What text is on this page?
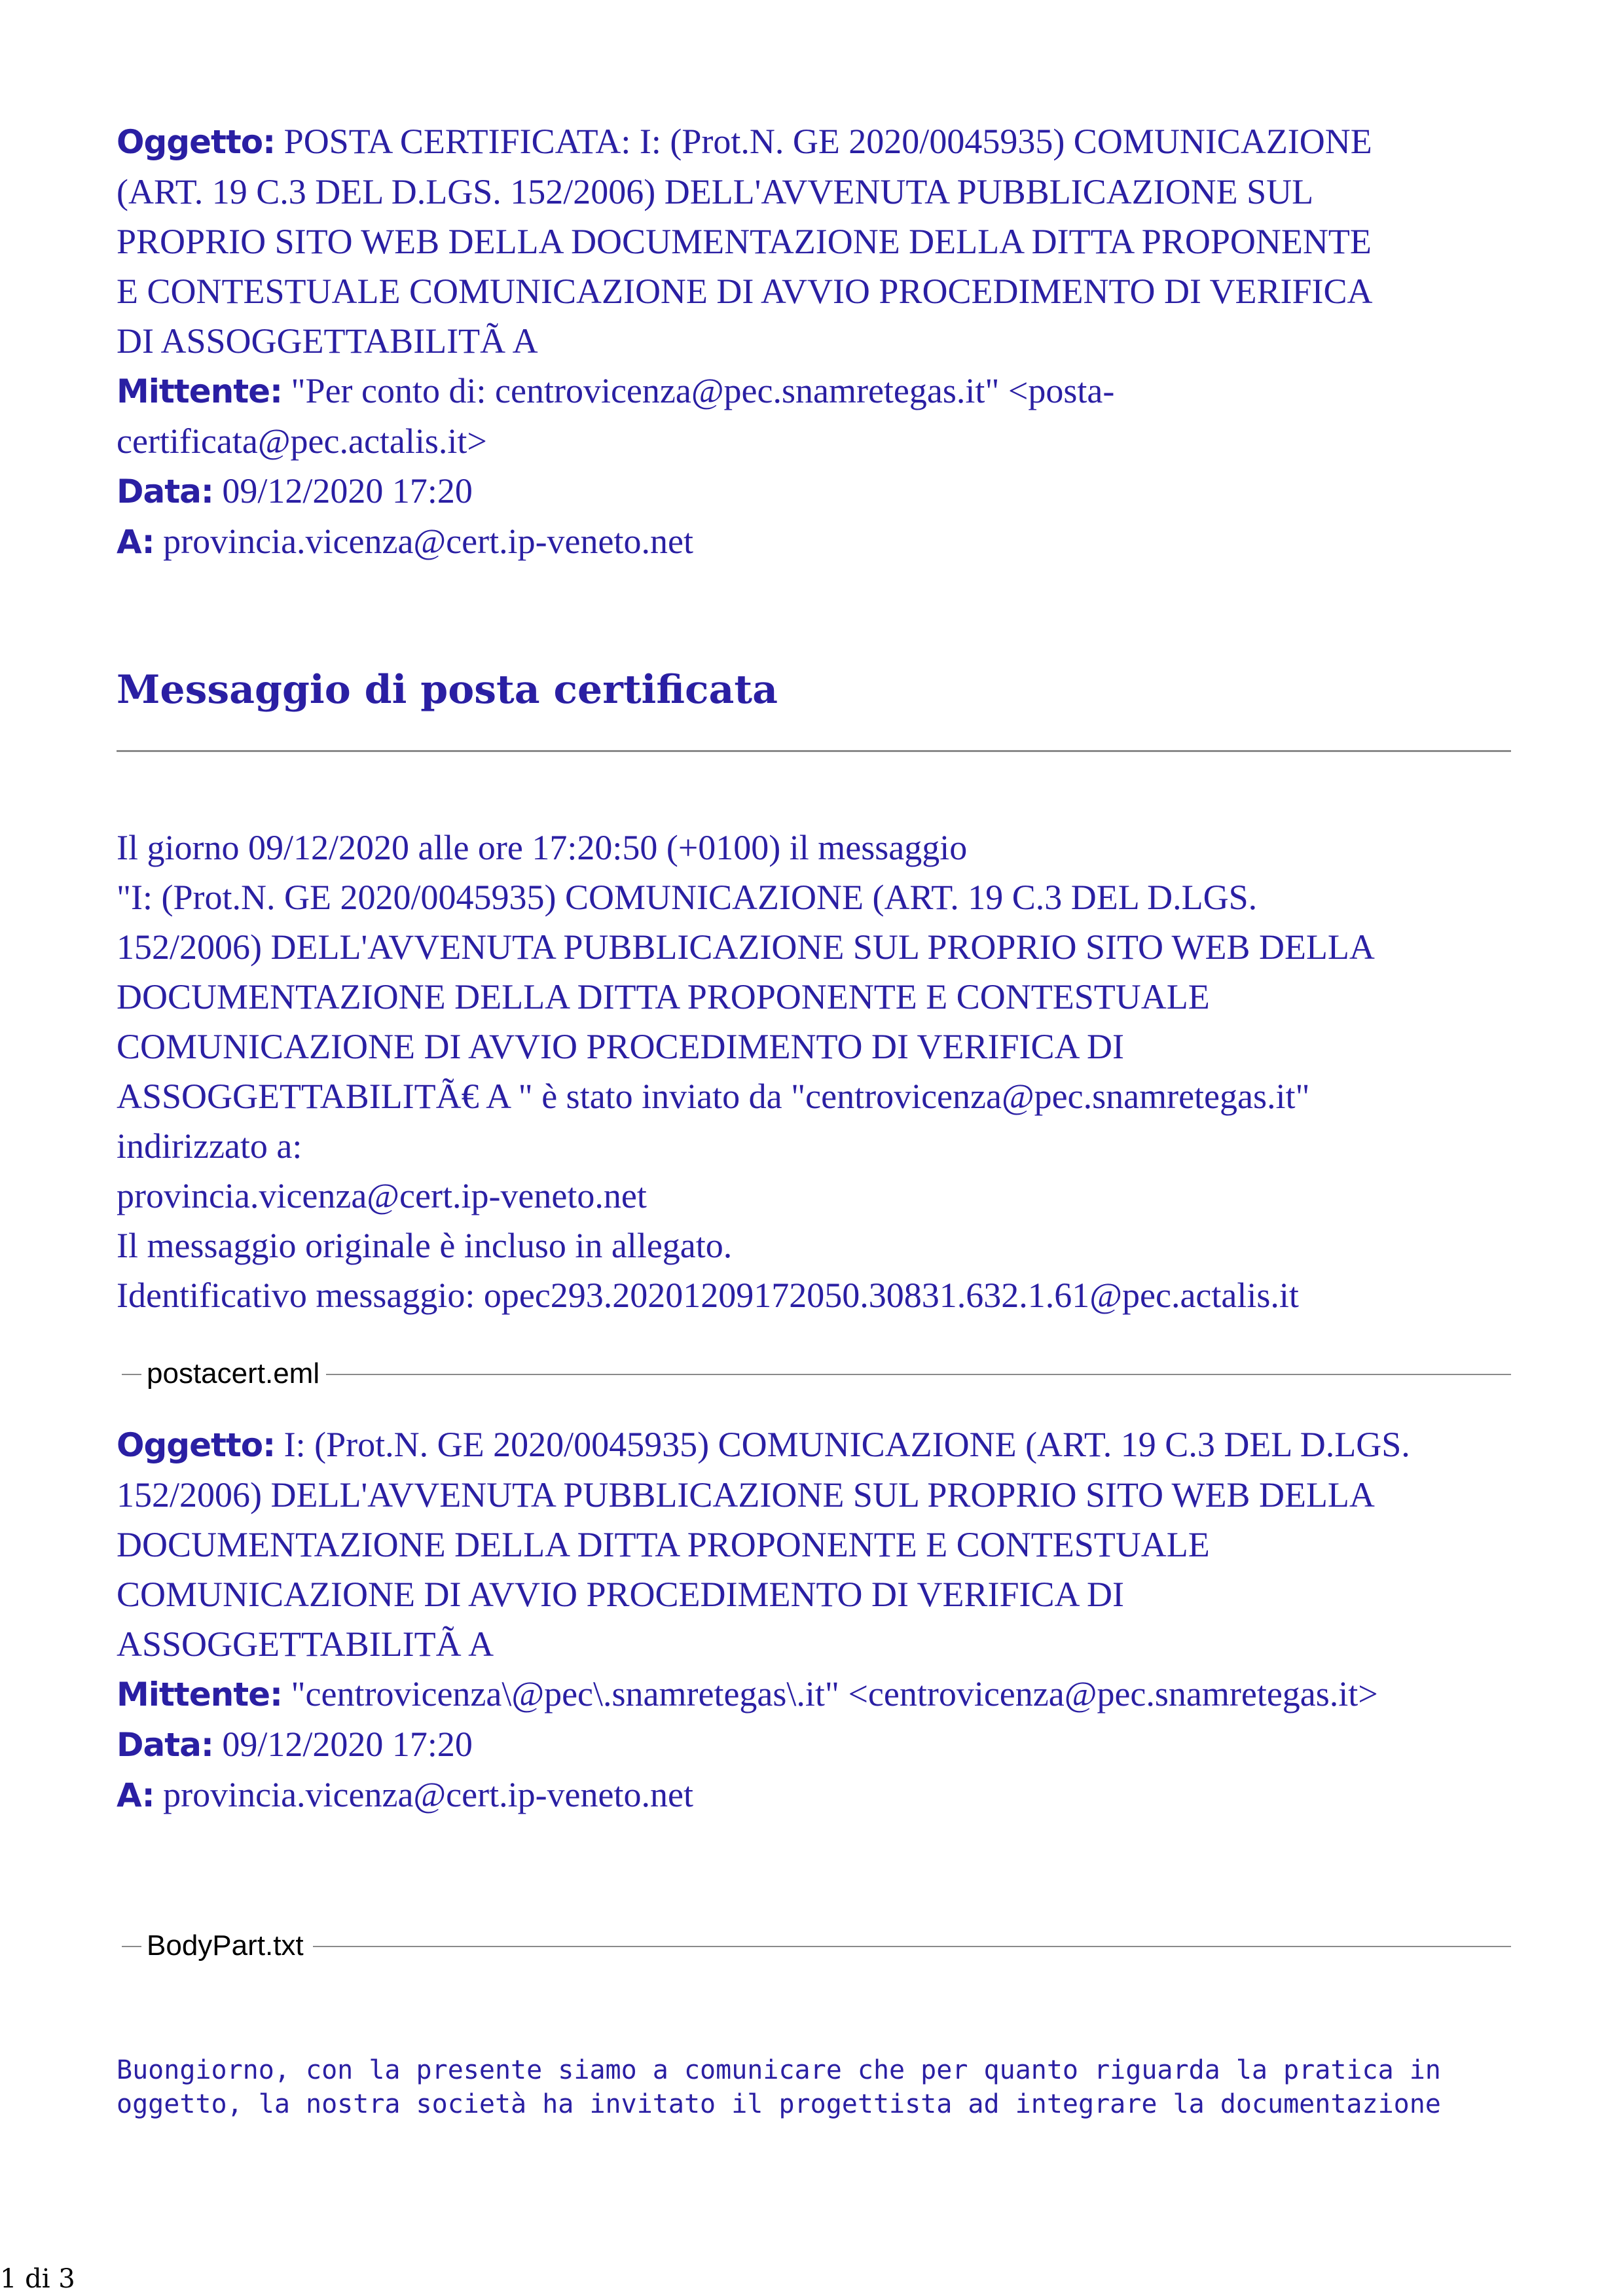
Oggetto: POSTA CERTIFICATA: I: (Prot.N. GE 2020/0045935) COMUNICAZIONE

(ART. 19 C.3 DEL D.LGS. 152/2006) DELL'AVVENUTA PUBBLICAZIONE SUL

PROPRIO SITO WEB DELLA DOCUMENTAZIONE DELLA DITTA PROPONENTE

E CONTESTUALE COMUNICAZIONE DI AVVIO PROCEDIMENTO DI VERIFICA

DI ASSOGGETTABILITÃ A

Mittente: "Per conto di: centrovicenza@pec.snamretegas.it" <posta-

certificata@pec.actalis.it>

Data: 09/12/2020 17:20

A: provincia.vicenza@cert.ip-veneto.net

Messaggio di posta certificata

Il giorno 09/12/2020 alle ore 17:20:50 (+0100) il messaggio

"I: (Prot.N. GE 2020/0045935) COMUNICAZIONE (ART. 19 C.3 DEL D.LGS.

152/2006) DELL'AVVENUTA PUBBLICAZIONE SUL PROPRIO SITO WEB DELLA

DOCUMENTAZIONE DELLA DITTA PROPONENTE E CONTESTUALE

COMUNICAZIONE DI AVVIO PROCEDIMENTO DI VERIFICA DI

ASSOGGETTABILITÃ€ A " è stato inviato da "centrovicenza@pec.snamretegas.it"

indirizzato a:

provincia.vicenza@cert.ip-veneto.net

Il messaggio originale è incluso in allegato.

Identificativo messaggio: opec293.20201209172050.30831.632.1.61@pec.actalis.it

postacert.eml

Oggetto: I: (Prot.N. GE 2020/0045935) COMUNICAZIONE (ART. 19 C.3 DEL D.LGS.

152/2006) DELL'AVVENUTA PUBBLICAZIONE SUL PROPRIO SITO WEB DELLA

DOCUMENTAZIONE DELLA DITTA PROPONENTE E CONTESTUALE

COMUNICAZIONE DI AVVIO PROCEDIMENTO DI VERIFICA DI

ASSOGGETTABILITÃ A

Mittente: "centrovicenza\@pec\.snamretegas\.it" <centrovicenza@pec.snamretegas.it>

Data: 09/12/2020 17:20

A: provincia.vicenza@cert.ip-veneto.net

BodyPart.txt
Buongiorno, con la presente siamo a comunicare che per quanto riguarda la pratica in
oggetto, la nostra società ha invitato il progettista ad integrare la documentazione
1 di 3
